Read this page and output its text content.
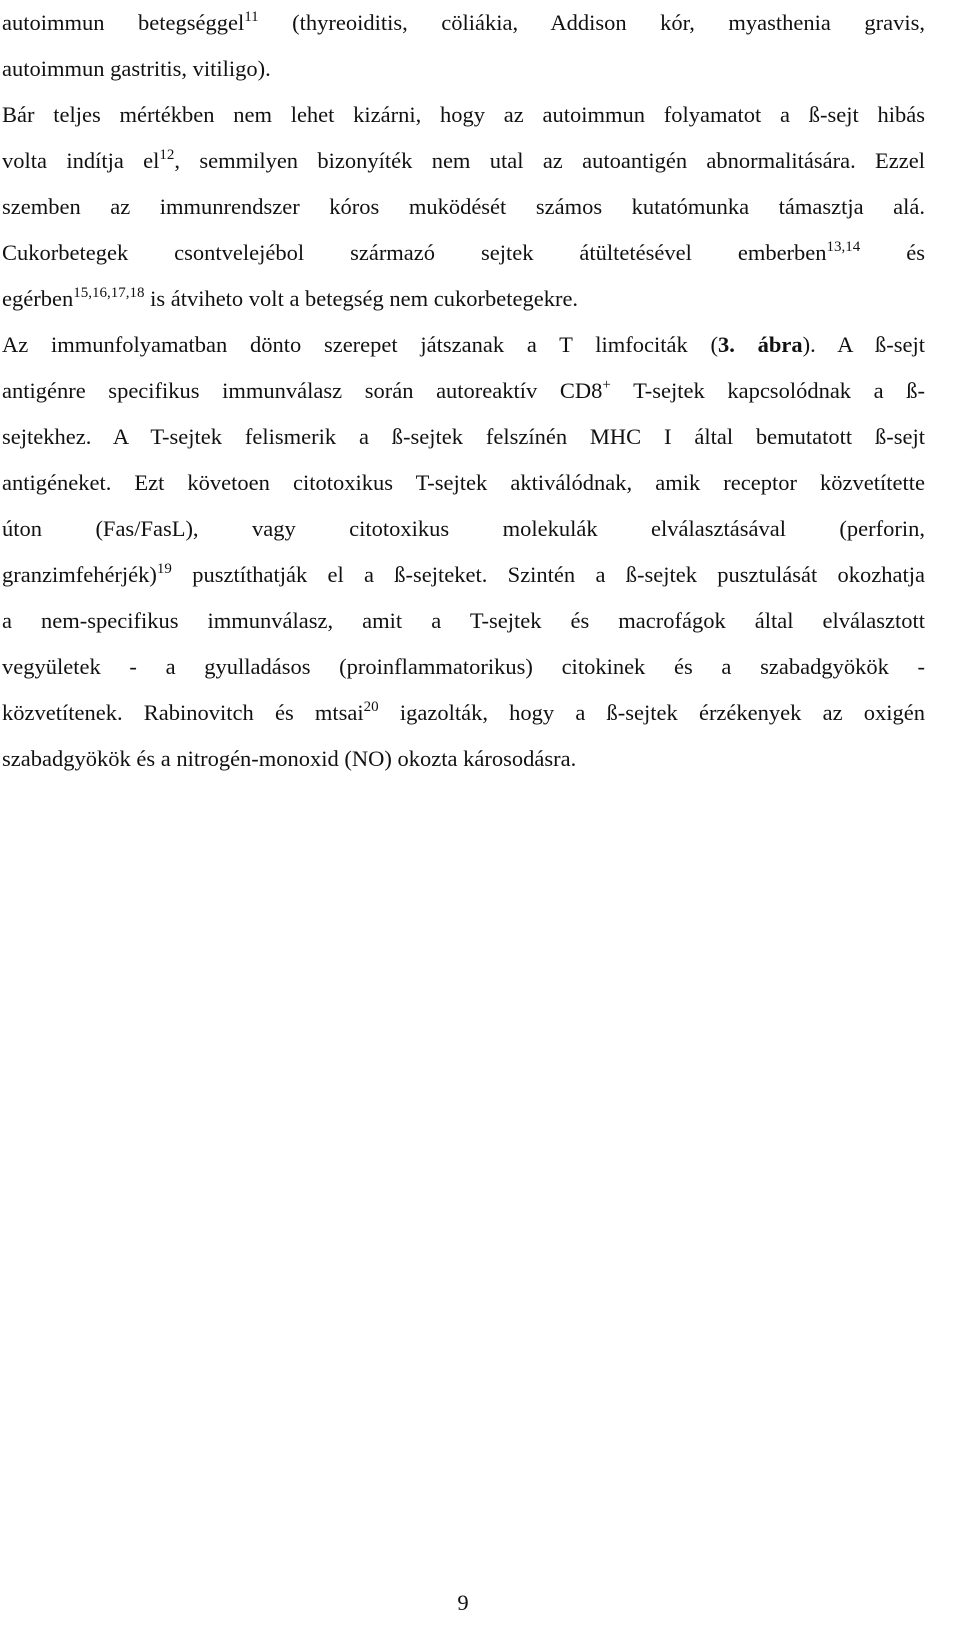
autoimmun betegséggel$^{11}$ (thyreoiditis, cöliákia, Addison kór, myasthenia gravis,
autoimmun gastritis, vitiligo).
Bár teljes mértékben nem lehet kizárni, hogy az autoimmun folyamatot a ß-sejt hibás
volta indítja $el^{12}$, semmilyen bizonyíték nem utal az autoantigén abnormalitására. Ezzel
szemben az immunrendszer kóros muködését számos kutatómunka támasztja alá.
Cukorbetegek csontvelejébol származó sejtek átültetésével emberben$^{13,14}$ és
egérben$^{15,16,17,18}$ is átviheto volt a betegség nem cukorbetegekre.
Az immunfolyamatban dönto szerepet játszanak a T limfociták (3. ábra). A ß-sejt
antigénre specifikus immunválasz során autoreaktív CD8+ T-sejtek kapcsolódnak a ß-
sejtekhez. A T-sejtek felismerik a ß-sejtek felszínén MHC I által bemutatott ß-sejt
antigéneket. Ezt követoen citotoxikus T-sejtek aktiválódnak, amik receptor közvetítette
úton (Fas/FasL), vagy citotoxikus molekulák elválasztásával (perforin,
granzimfehérjék)$^{19}$ pusztíthatják el a ß-sejteket. Szintén a ß-sejtek pusztulását okozhatja
a nem-specifikus immunválasz, amit a T-sejtek és macrofágok által elválasztott
vegyületek - a gyulladásos (proinflammatorikus) citokinek és a szabadgyökök -
közvetítenek. Rabinovitch és mtsai$^{20}$ igazolták, hogy a ß-sejtek érzékenyek az oxigén
szabadgyökök és a nitrogén-monoxid (NO) okozta károsodásra.
9
